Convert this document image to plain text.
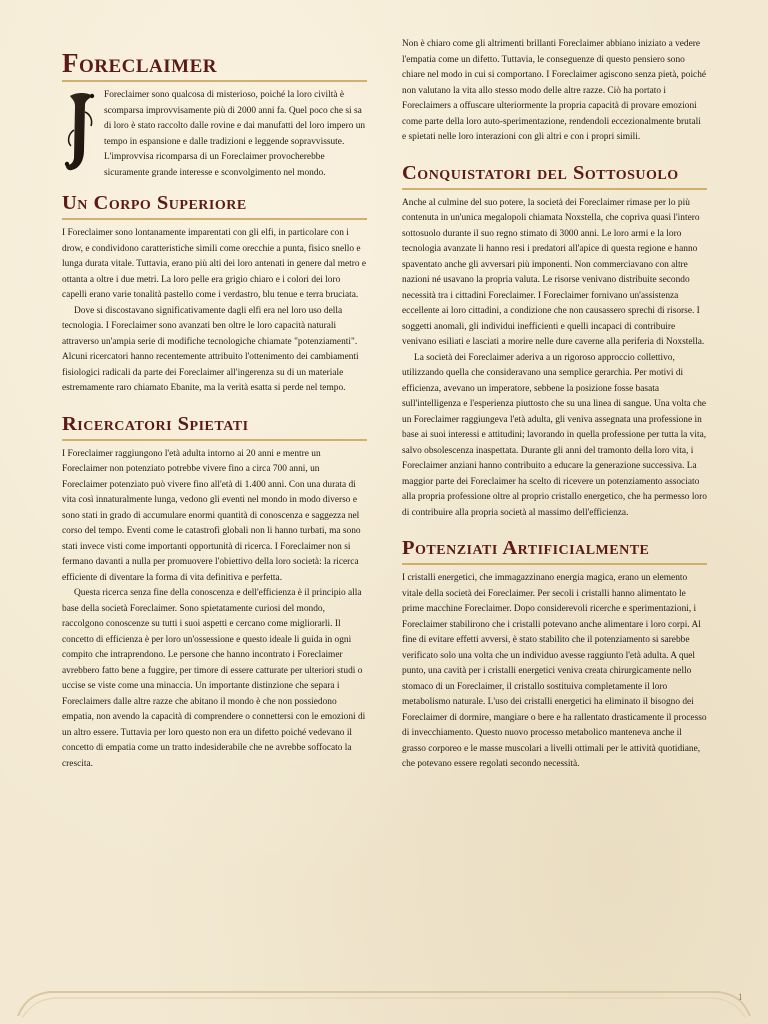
Foreclaimer

Foreclaimer sono qualcosa di misterioso, poiché la loro civiltà è scomparsa improvvisamente più di 2000 anni fa. Quel poco che si sa di loro è stato raccolto dalle rovine e dai manufatti del loro impero un tempo in espansione e dalle tradizioni e leggende sopravvissute. L'improvvisa ricomparsa di un Foreclaimer provocherebbe sicuramente grande interesse e sconvolgimento nel mondo.

Un Corpo Superiore

I Foreclaimer sono lontanamente imparentati con gli elfi, in particolare con i drow, e condividono caratteristiche simili come orecchie a punta, fisico snello e lunga durata vitale. Tuttavia, erano più alti dei loro antenati in genere dal metro e ottanta a oltre i due metri. La loro pelle era grigio chiaro e i colori dei loro capelli erano varie tonalità pastello come i verdastro, blu tenue e terra bruciata.

Dove si discostavano significativamente dagli elfi era nel loro uso della tecnologia. I Foreclaimer sono avanzati ben oltre le loro capacità naturali attraverso un'ampia serie di modifiche tecnologiche chiamate "potenziamenti". Alcuni ricercatori hanno recentemente attribuito l'ottenimento dei cambiamenti fisiologici radicali da parte dei Foreclaimer all'ingerenza su di un materiale estremamente raro chiamato Ebanite, ma la verità esatta si perde nel tempo.

Ricercatori Spietati

I Foreclaimer raggiungono l'età adulta intorno ai 20 anni e mentre un Foreclaimer non potenziato potrebbe vivere fino a circa 700 anni, un Foreclaimer potenziato può vivere fino all'età di 1.400 anni. Con una durata di vita così innaturalmente lunga, vedono gli eventi nel mondo in modo diverso e sono stati in grado di accumulare enormi quantità di conoscenza e saggezza nel corso del tempo. Eventi come le catastrofi globali non li hanno turbati, ma sono stati invece visti come importanti opportunità di ricerca. I Foreclaimer non si fermano davanti a nulla per promuovere l'obiettivo della loro società: la ricerca efficiente di diventare la forma di vita definitiva e perfetta.

Questa ricerca senza fine della conoscenza e dell'efficienza è il principio alla base della società Foreclaimer. Sono spietatamente curiosi del mondo, raccolgono conoscenze su tutti i suoi aspetti e cercano come migliorarli. Il concetto di efficienza è per loro un'ossessione e questo ideale li guida in ogni compito che intraprendono. Le persone che hanno incontrato i Foreclaimer avrebbero fatto bene a fuggire, per timore di essere catturate per ulteriori studi o uccise se viste come una minaccia. Un importante distinzione che separa i Foreclaimers dalle altre razze che abitano il mondo è che non possiedono empatia, non avendo la capacità di comprendere o connettersi con le emozioni di un altro essere. Tuttavia per loro questo non era un difetto poiché vedevano il concetto di empatia come un tratto indesiderabile che ne avrebbe soffocato la crescita.

Non è chiaro come gli altrimenti brillanti Foreclaimer abbiano iniziato a vedere l'empatia come un difetto. Tuttavia, le conseguenze di questo pensiero sono chiare nel modo in cui si comportano. I Foreclaimer agiscono senza pietà, poiché non valutano la vita allo stesso modo delle altre razze. Ciò ha portato i Foreclaimers a offuscare ulteriormente la propria capacità di provare emozioni come parte della loro auto-sperimentazione, rendendoli eccezionalmente brutali e spietati nelle loro interazioni con gli altri e con i propri simili.

Conquistatori del Sottosuolo

Anche al culmine del suo potere, la società dei Foreclaimer rimase per lo più contenuta in un'unica megalopoli chiamata Noxstella, che copriva quasi l'intero sottosuolo durante il suo regno stimato di 3000 anni. Le loro armi e la loro tecnologia avanzate li hanno resi i predatori all'apice di questa regione e hanno spaventato anche gli avversari più imponenti. Non commerciavano con altre nazioni né usavano la propria valuta. Le risorse venivano distribuite secondo necessità tra i cittadini Foreclaimer. I Foreclaimer fornivano un'assistenza eccellente ai loro cittadini, a condizione che non causassero sprechi di risorse. I soggetti anomali, gli individui inefficienti e quelli incapaci di contribuire venivano esiliati e lasciati a morire nelle dure caverne alla periferia di Noxstella.

La società dei Foreclaimer aderiva a un rigoroso approccio collettivo, utilizzando quella che consideravano una semplice gerarchia. Per motivi di efficienza, avevano un imperatore, sebbene la posizione fosse basata sull'intelligenza e l'esperienza piuttosto che su una linea di sangue. Una volta che un Foreclaimer raggiungeva l'età adulta, gli veniva assegnata una professione in base ai suoi interessi e attitudini; lavorando in quella professione per tutta la vita, salvo obsolescenza inaspettata. Durante gli anni del tramonto della loro vita, i Foreclaimer anziani hanno contribuito a educare la generazione successiva. La maggior parte dei Foreclaimer ha scelto di ricevere un potenziamento associato alla propria professione oltre al proprio cristallo energetico, che ha permesso loro di contribuire alla propria società al massimo dell'efficienza.

Potenziati Artificialmente

I cristalli energetici, che immagazzinano energia magica, erano un elemento vitale della società dei Foreclaimer. Per secoli i cristalli hanno alimentato le prime macchine Foreclaimer. Dopo considerevoli ricerche e sperimentazioni, i Foreclaimer stabilirono che i cristalli potevano anche alimentare i loro corpi. Al fine di evitare effetti avversi, è stato stabilito che il potenziamento si sarebbe verificato solo una volta che un individuo avesse raggiunto l'età adulta. A quel punto, una cavità per i cristalli energetici veniva creata chirurgicamente nello stomaco di un Foreclaimer, il cristallo sostituiva completamente il loro metabolismo naturale. L'uso dei cristalli energetici ha eliminato il bisogno dei Foreclaimer di dormire, mangiare o bere e ha rallentato drasticamente il processo di invecchiamento. Questo nuovo processo metabolico manteneva anche il grasso corporeo e le masse muscolari a livelli ottimali per le attività quotidiane, che potevano essere regolati secondo necessità.

1
